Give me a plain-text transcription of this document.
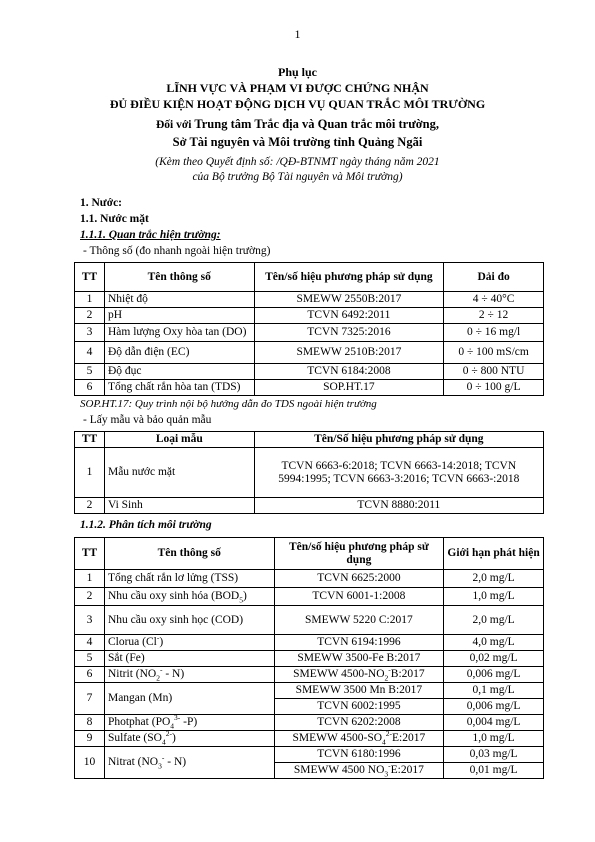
1
Phụ lục
LĨNH VỰC VÀ PHẠM VI ĐƯỢC CHỨNG NHẬN
ĐỦ ĐIỀU KIỆN HOẠT ĐỘNG DỊCH VỤ QUAN TRẮC MÔI TRƯỜNG
Đối với Trung tâm Trắc địa và Quan trắc môi trường,
Sở Tài nguyên và Môi trường tỉnh Quảng Ngãi
(Kèm theo Quyết định số: /QĐ-BTNMT ngày tháng năm 2021
của Bộ trưởng Bộ Tài nguyên và Môi trường)
1. Nước:
1.1. Nước mặt
1.1.1. Quan trắc hiện trường:
- Thông số (đo nhanh ngoài hiện trường)
TT	Tên thông số	Tên/số hiệu phương pháp sử dụng	Dải đo
1	Nhiệt độ	SMEWW 2550B:2017	4 ÷ 40°C
2	pH	TCVN 6492:2011	2 ÷ 12
3	Hàm lượng Oxy hòa tan (DO)	TCVN 7325:2016	0 ÷ 16 mg/l
4	Độ dẫn điện (EC)	SMEWW 2510B:2017	0 ÷ 100 mS/cm
5	Độ đục	TCVN 6184:2008	0 ÷ 800 NTU
6	Tổng chất rắn hòa tan (TDS)	SOP.HT.17	0 ÷ 100 g/L
SOP.HT.17: Quy trình nội bộ hướng dẫn đo TDS ngoài hiện trường
- Lấy mẫu và bảo quản mẫu
TT	Loại mẫu	Tên/Số hiệu phương pháp sử dụng
1	Mẫu nước mặt	TCVN 6663-6:2018; TCVN 6663-14:2018; TCVN 5994:1995; TCVN 6663-3:2016; TCVN 6663-:2018
2	Vi Sinh	TCVN 8880:2011
1.1.2. Phân tích môi trường
TT	Tên thông số	Tên/số hiệu phương pháp sử dụng	Giới hạn phát hiện
1	Tổng chất rắn lơ lửng (TSS)	TCVN 6625:2000	2,0 mg/L
2	Nhu cầu oxy sinh hóa $(BOD_5)$	TCVN 6001-1:2008	1,0 mg/L
3	Nhu cầu oxy sinh học (COD)	SMEWW 5220 C:2017	2,0 mg/L
4	Clorua (Cl-)	TCVN 6194:1996	4,0 mg/L
5	Sắt (Fe)	SMEWW 3500-Fe B:2017	0,02 mg/L
6	Nitrit $(NO_2^- - N)$	SMEWW $4500-NO_2^-B:2017$	0,006 mg/L
7	Mangan (Mn)	SMEWW 3500 Mn B:2017	0,1 mg/L
		TCVN 6002:1995	0,006 mg/L
8	Photphat ($PO_4^{3-}$ -P)	TCVN 6202:2008	0,004 mg/L
9	Sulfate $(SO_4^{2-})$	SMEWW $4500-SO_4^{2-}E:2017$	1,0 mg/L
10	Nitrat $(NO_3^- - N)$	TCVN 6180:1996	0,03 mg/L
		SMEWW 4500 $NO_3^-E:2017$	0,01 mg/L
